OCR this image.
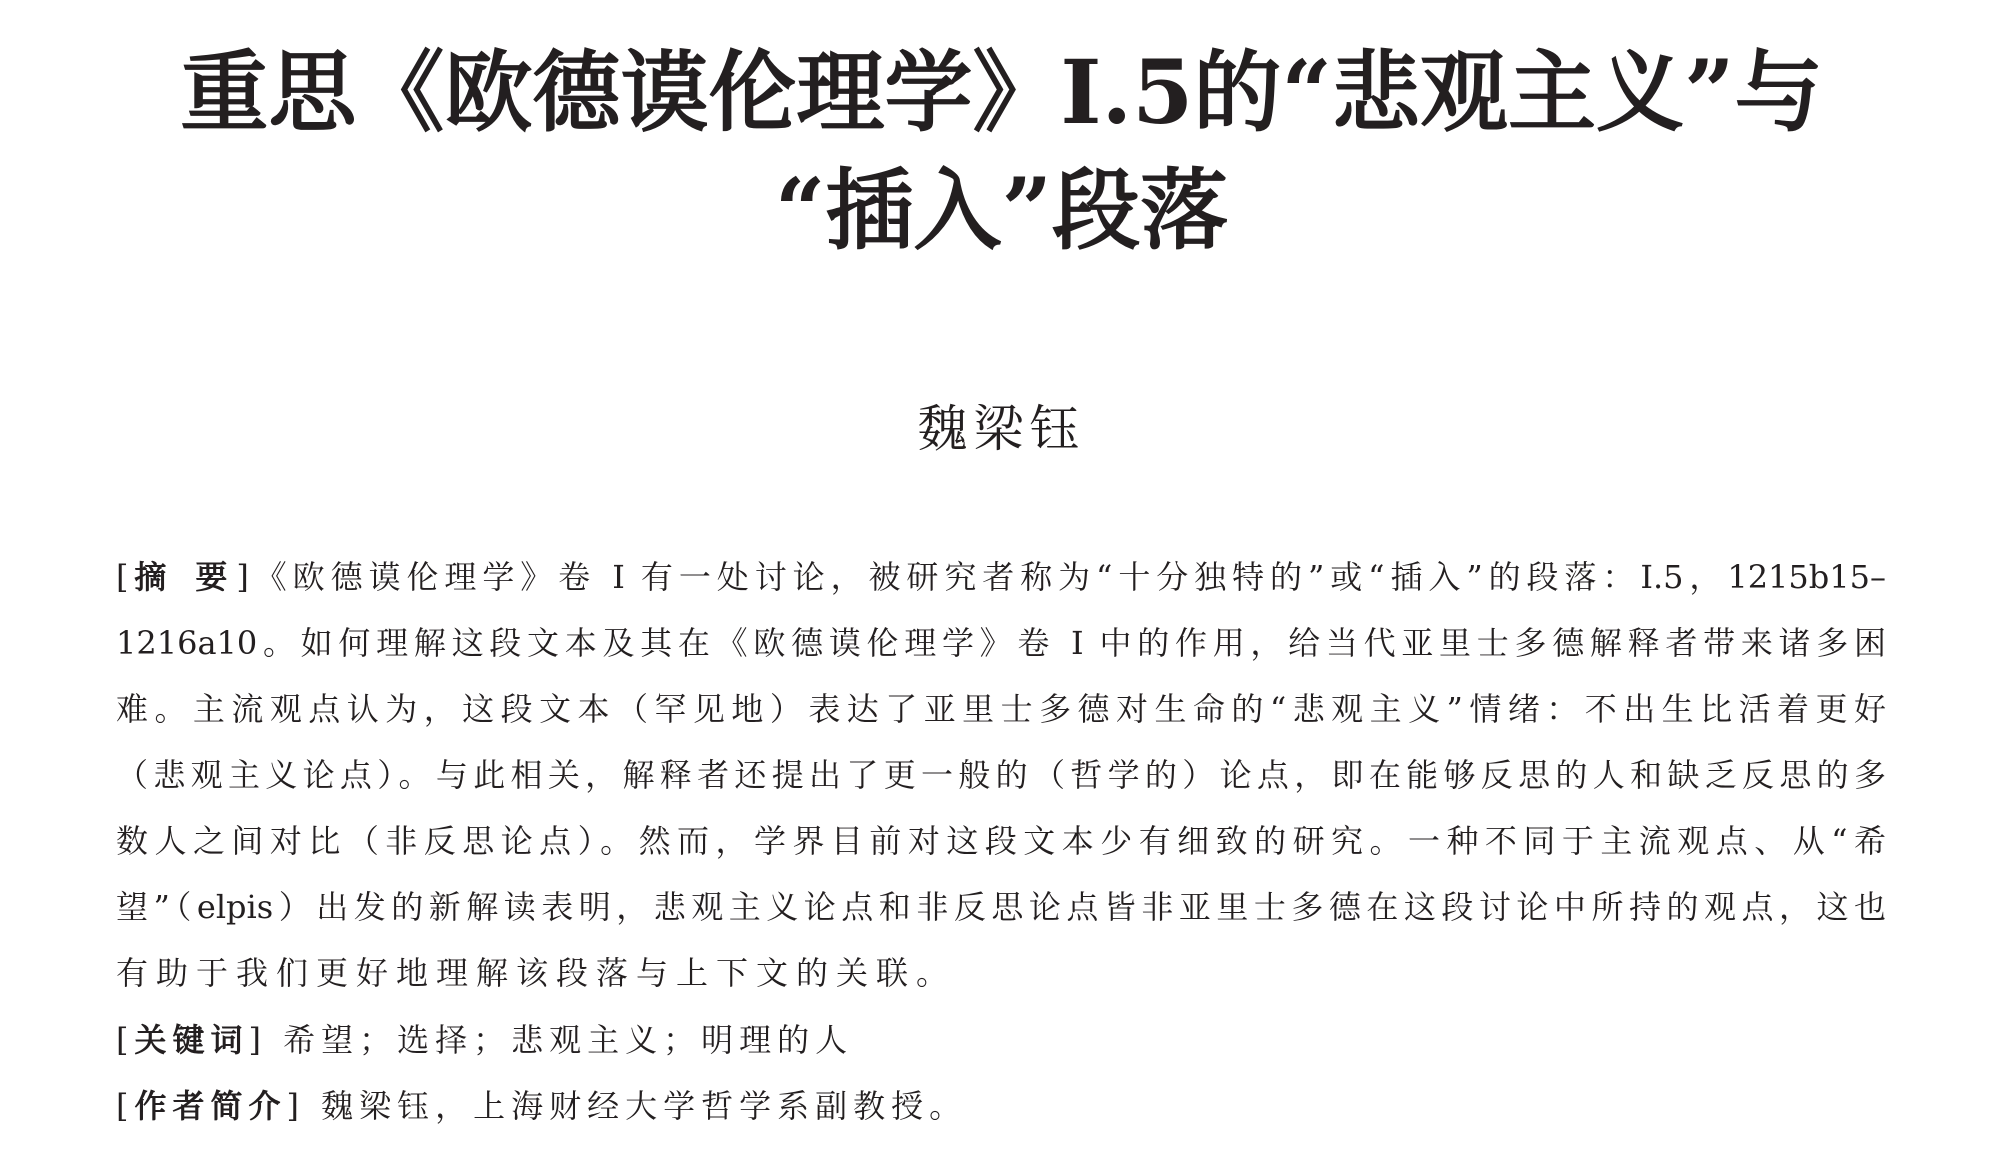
重思《欧德谟伦理学》I.5的“悲观主义”与
“插入”段落
魏梁钰
[摘 要]《欧德谟伦理学》卷 I 有一处讨论，被研究者称为“十分独特的”或“插入”的段落：I.5，1215b15–
1216a10。如何理解这段文本及其在《欧德谟伦理学》卷 I 中的作用，给当代亚里士多德解释者带来诸多困
难。主流观点认为，这段文本（罕见地）表达了亚里士多德对生命的“悲观主义”情绪：不出生比活着更好
（悲观主义论点）。与此相关，解释者还提出了更一般的（哲学的）论点，即在能够反思的人和缺乏反思的多
数人之间对比（非反思论点）。然而，学界目前对这段文本少有细致的研究。一种不同于主流观点、从“希
望”（elpis）出发的新解读表明，悲观主义论点和非反思论点皆非亚里士多德在这段讨论中所持的观点，这也
有助于我们更好地理解该段落与上下文的关联。
[关键词] 希望；选择；悲观主义；明理的人
[作者简介] 魏梁钰，上海财经大学哲学系副教授。
